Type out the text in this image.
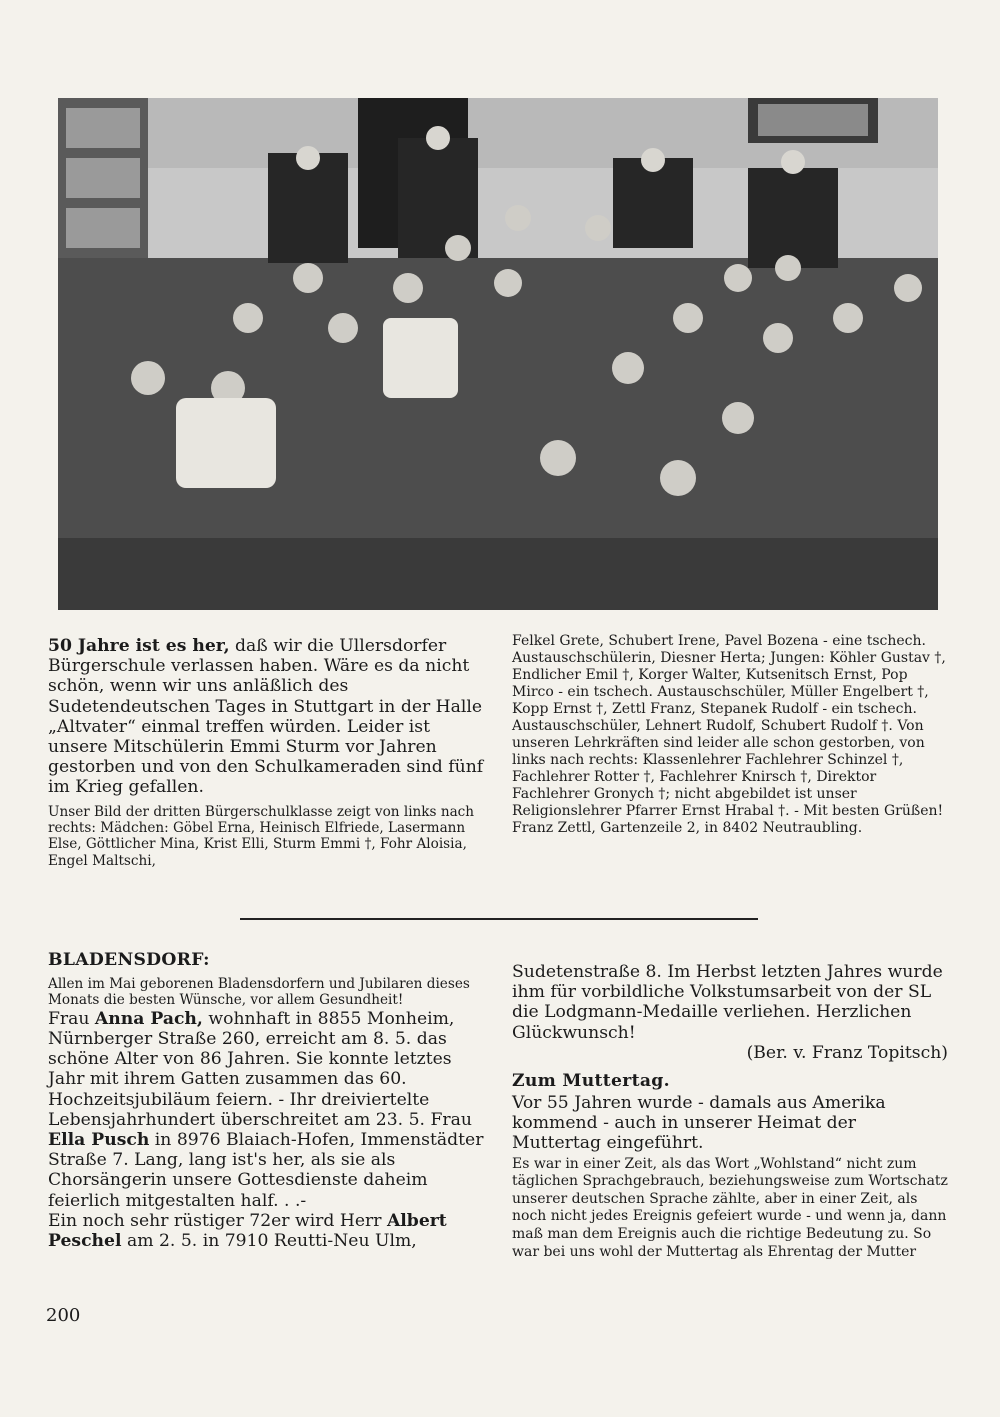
50 Jahre ist es her, daß wir die Ullersdorfer Bürgerschule verlassen haben. Wäre es da nicht schön, wenn wir uns anläßlich des Sudetendeutschen Tages in Stuttgart in der Halle „Altvater“ einmal treffen würden. Leider ist unsere Mitschülerin Emmi Sturm vor Jahren gestorben und von den Schulkameraden sind fünf im Krieg gefallen.

Unser Bild der dritten Bürgerschulklasse zeigt von links nach rechts: Mädchen: Göbel Erna, Heinisch Elfriede, Lasermann Else, Göttlicher Mina, Krist Elli, Sturm Emmi †, Fohr Aloisia, Engel Maltschi,

Felkel Grete, Schubert Irene, Pavel Bozena - eine tschech. Austauschschülerin, Diesner Herta; Jungen: Köhler Gustav †, Endlicher Emil †, Korger Walter, Kutsenitsch Ernst, Pop Mirco - ein tschech. Austauschschüler, Müller Engelbert †, Kopp Ernst †, Zettl Franz, Stepanek Rudolf - ein tschech. Austauschschüler, Lehnert Rudolf, Schubert Rudolf †. Von unseren Lehrkräften sind leider alle schon gestorben, von links nach rechts: Klassenlehrer Fachlehrer Schinzel †, Fachlehrer Rotter †, Fachlehrer Knirsch †, Direktor Fachlehrer Gronych †; nicht abgebildet ist unser Religionslehrer Pfarrer Ernst Hrabal †. - Mit besten Grüßen! Franz Zettl, Gartenzeile 2, in 8402 Neutraubling.

BLADENSDORF:

Allen im Mai geborenen Bladensdorfern und Jubilaren dieses Monats die besten Wünsche, vor allem Gesundheit!

Frau Anna Pach, wohnhaft in 8855 Monheim, Nürnberger Straße 260, erreicht am 8. 5. das schöne Alter von 86 Jahren. Sie konnte letztes Jahr mit ihrem Gatten zusammen das 60. Hochzeitsjubiläum feiern. - Ihr dreiviertelte Lebensjahrhundert überschreitet am 23. 5. Frau Ella Pusch in 8976 Blaiach-Hofen, Immenstädter Straße 7. Lang, lang ist's her, als sie als Chorsängerin unsere Gottesdienste daheim feierlich mitgestalten half. . .-

Ein noch sehr rüstiger 72er wird Herr Albert Peschel am 2. 5. in 7910 Reutti-Neu Ulm,

Sudetenstraße 8. Im Herbst letzten Jahres wurde ihm für vorbildliche Volkstumsarbeit von der SL die Lodgmann-Medaille verliehen. Herzlichen Glückwunsch!

(Ber. v. Franz Topitsch)

Zum Muttertag.

Vor 55 Jahren wurde - damals aus Amerika kommend - auch in unserer Heimat der Muttertag eingeführt.

Es war in einer Zeit, als das Wort „Wohlstand“ nicht zum täglichen Sprachgebrauch, beziehungsweise zum Wortschatz unserer deutschen Sprache zählte, aber in einer Zeit, als noch nicht jedes Ereignis gefeiert wurde - und wenn ja, dann maß man dem Ereignis auch die richtige Bedeutung zu. So war bei uns wohl der Muttertag als Ehrentag der Mutter

200
